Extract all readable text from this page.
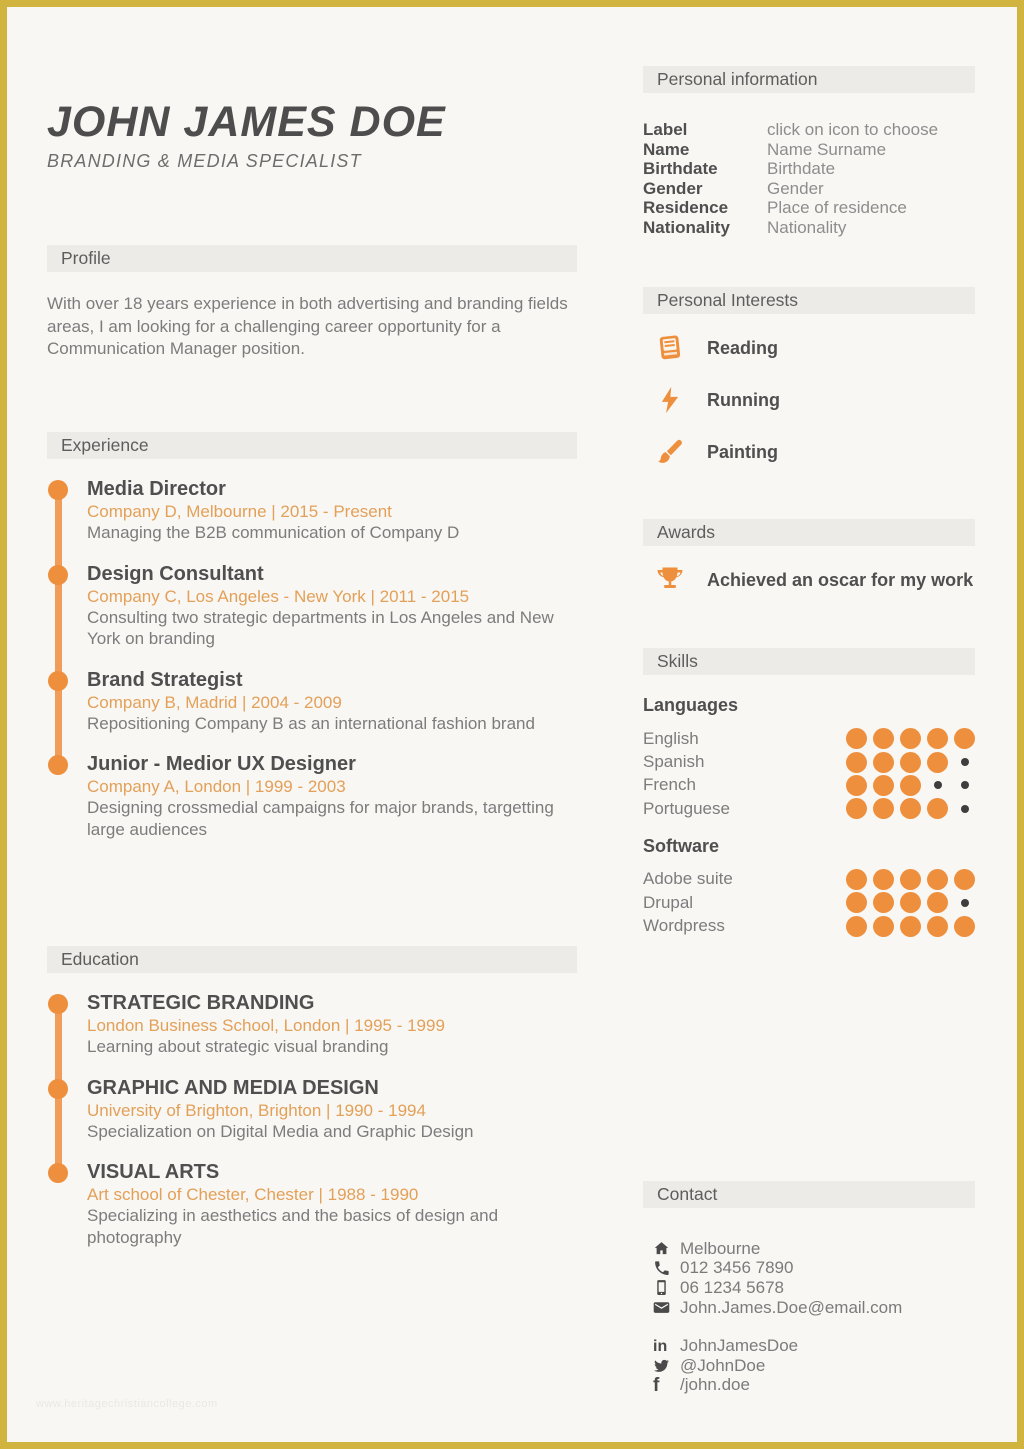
JOHN JAMES DOE
BRANDING & MEDIA SPECIALIST
Profile
With over 18 years experience in both advertising and branding fields areas, I am looking for a challenging career opportunity for a Communication Manager position.
Experience
Media Director
Company D, Melbourne | 2015 - Present
Managing the B2B communication of Company D
Design Consultant
Company C, Los Angeles - New York | 2011 - 2015
Consulting two strategic departments in Los Angeles and New York on branding
Brand Strategist
Company B, Madrid | 2004 - 2009
Repositioning Company B as an international fashion brand
Junior - Medior UX Designer
Company A, London | 1999 - 2003
Designing crossmedial campaigns for major brands, targetting large audiences
Education
STRATEGIC BRANDING
London Business School, London | 1995 - 1999
Learning about strategic visual branding
GRAPHIC AND MEDIA DESIGN
University of Brighton, Brighton | 1990 - 1994
Specialization on Digital Media and Graphic Design
VISUAL ARTS
Art school of Chester, Chester | 1988 - 1990
Specializing in aesthetics and the basics of design and photography
Personal information
Label	click on icon to choose
Name	Name Surname
Birthdate	Birthdate
Gender	Gender
Residence	Place of residence
Nationality	Nationality
Personal Interests
Reading
Running
Painting
Awards
Achieved an oscar for my work
Skills
Languages
English
Spanish
French
Portuguese
Software
Adobe suite
Drupal
Wordpress
Contact
Melbourne
012 3456 7890
06 1234 5678
John.James.Doe@email.com
in JohnJamesDoe
@JohnDoe
f /john.doe
www.heritagechristiancollege.com
